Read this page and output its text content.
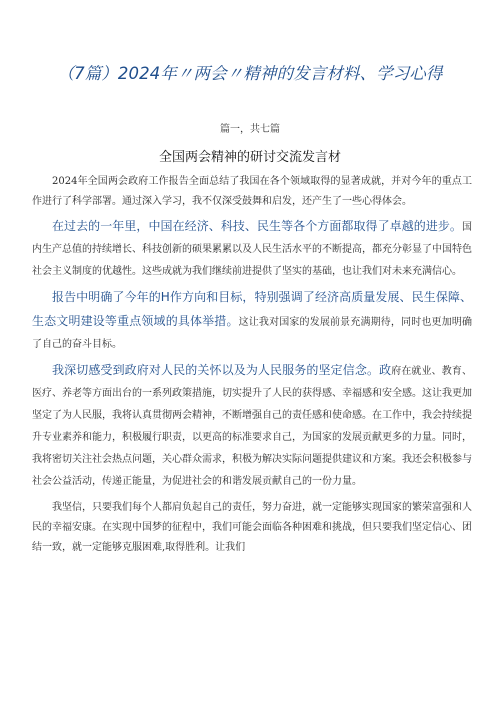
（7篇）2024年〃两会〃精神的发言材料、学习心得
篇一，共七篇
全国两会精神的研讨交流发言材

2024年全国两会政府工作报告全面总结了我国在各个领域取得的显著成就，并对今年的重点工作进行了科学部署。通过深入学习，我不仅深受鼓舞和启发，还产生了一些心得体会。

在过去的一年里，中国在经济、科技、民生等各个方面都取得了卓越的进步。国内生产总值的持续增长、科技创新的硕果累累以及人民生活水平的不断提高，都充分彰显了中国特色社会主义制度的优越性。这些成就为我们继续前进提供了坚实的基础，也让我们对未来充满信心。

报告中明确了今年的H作方向和目标，特别强调了经济高质量发展、民生保障、生态文明建设等重点领域的具体举措。这让我对国家的发展前景充满期待，同时也更加明确了自己的奋斗目标。

我深切感受到政府对人民的关怀以及为人民服务的坚定信念。政府在就业、教育、医疗、养老等方面出台的一系列政策措施，切实提升了人民的获得感、幸福感和安全感。这让我更加坚定了为人民服，我将认真贯彻两会精神，不断增强自己的责任感和使命感。在工作中，我会持续提升专业素养和能力，积极履行职责，以更高的标准要求自己，为国家的发展贡献更多的力量。同时，我将密切关注社会热点问题，关心群众需求，积极为解决实际问题提供建议和方案。我还会积极参与社会公益活动，传递正能量，为促进社会的和谐发展贡献自己的一份力量。

我坚信，只要我们每个人都肩负起自己的责任，努力奋进，就一定能够实现国家的繁荣富强和人民的幸福安康。在实现中国梦的征程中，我们可能会面临各种困难和挑战，但只要我们坚定信心、团结一致，就一定能够克服困难,取得胜利。让我们
